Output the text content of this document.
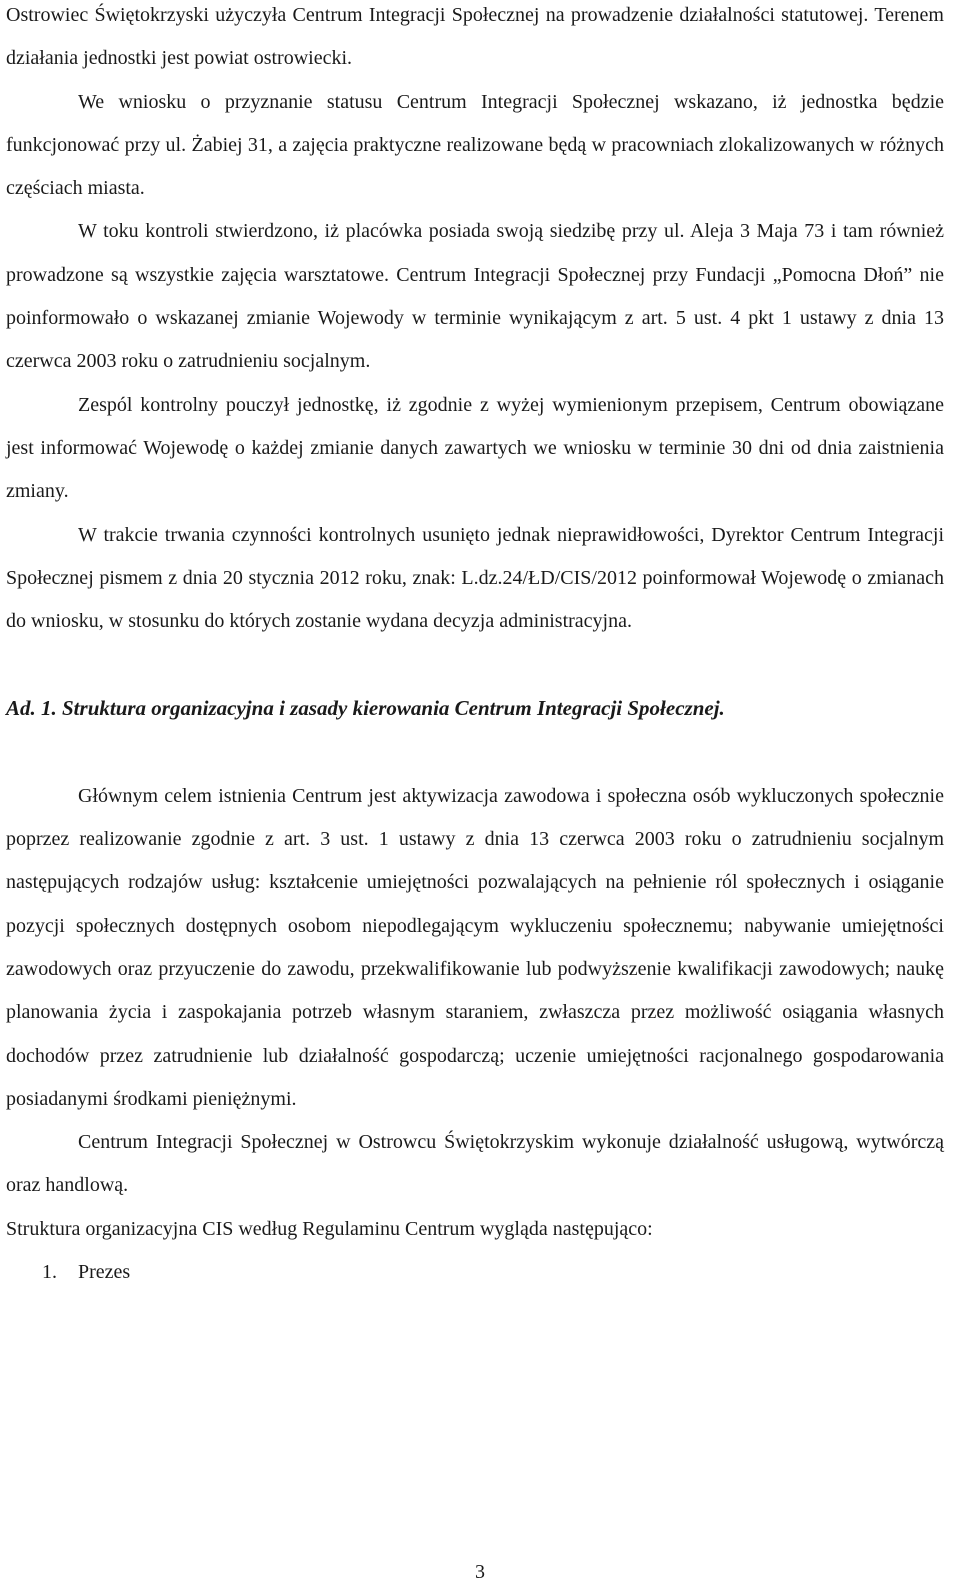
Ostrowiec Świętokrzyski użyczyła Centrum Integracji Społecznej na prowadzenie działalności statutowej. Terenem działania jednostki jest powiat ostrowiecki.

We wniosku o przyznanie statusu Centrum Integracji Społecznej wskazano, iż jednostka będzie funkcjonować przy ul. Żabiej 31, a zajęcia praktyczne realizowane będą w pracowniach zlokalizowanych w różnych częściach miasta.

W toku kontroli stwierdzono, iż placówka posiada swoją siedzibę przy ul. Aleja 3 Maja 73 i tam również prowadzone są wszystkie zajęcia warsztatowe. Centrum Integracji Społecznej przy Fundacji „Pomocna Dłoń” nie poinformowało o wskazanej zmianie Wojewody w terminie wynikającym z art. 5 ust. 4 pkt 1 ustawy z dnia 13 czerwca 2003 roku o zatrudnieniu socjalnym.

Zespól kontrolny pouczył jednostkę, iż zgodnie z wyżej wymienionym przepisem, Centrum obowiązane jest informować Wojewodę o każdej zmianie danych zawartych we wniosku w terminie 30 dni od dnia zaistnienia zmiany.

W trakcie trwania czynności kontrolnych usunięto jednak nieprawidłowości, Dyrektor Centrum Integracji Społecznej pismem z dnia 20 stycznia 2012 roku, znak: L.dz.24/ŁD/CIS/2012 poinformował Wojewodę o zmianach do wniosku, w stosunku do których zostanie wydana decyzja administracyjna.

Ad. 1. Struktura organizacyjna i zasady kierowania Centrum Integracji Społecznej.

Głównym celem istnienia Centrum jest aktywizacja zawodowa i społeczna osób wykluczonych społecznie poprzez realizowanie zgodnie z art. 3 ust. 1 ustawy z dnia 13 czerwca 2003 roku o zatrudnieniu socjalnym następujących rodzajów usług: kształcenie umiejętności pozwalających na pełnienie ról społecznych i osiąganie pozycji społecznych dostępnych osobom niepodlegającym wykluczeniu społecznemu; nabywanie umiejętności zawodowych oraz przyuczenie do zawodu, przekwalifikowanie lub podwyższenie kwalifikacji zawodowych; naukę planowania życia i zaspokajania potrzeb własnym staraniem, zwłaszcza przez możliwość osiągania własnych dochodów przez zatrudnienie lub działalność gospodarczą; uczenie umiejętności racjonalnego gospodarowania posiadanymi środkami pieniężnymi.

Centrum Integracji Społecznej w Ostrowcu Świętokrzyskim wykonuje działalność usługową, wytwórczą oraz handlową.

Struktura organizacyjna CIS według Regulaminu Centrum wygląda następująco:

1. Prezes

3
